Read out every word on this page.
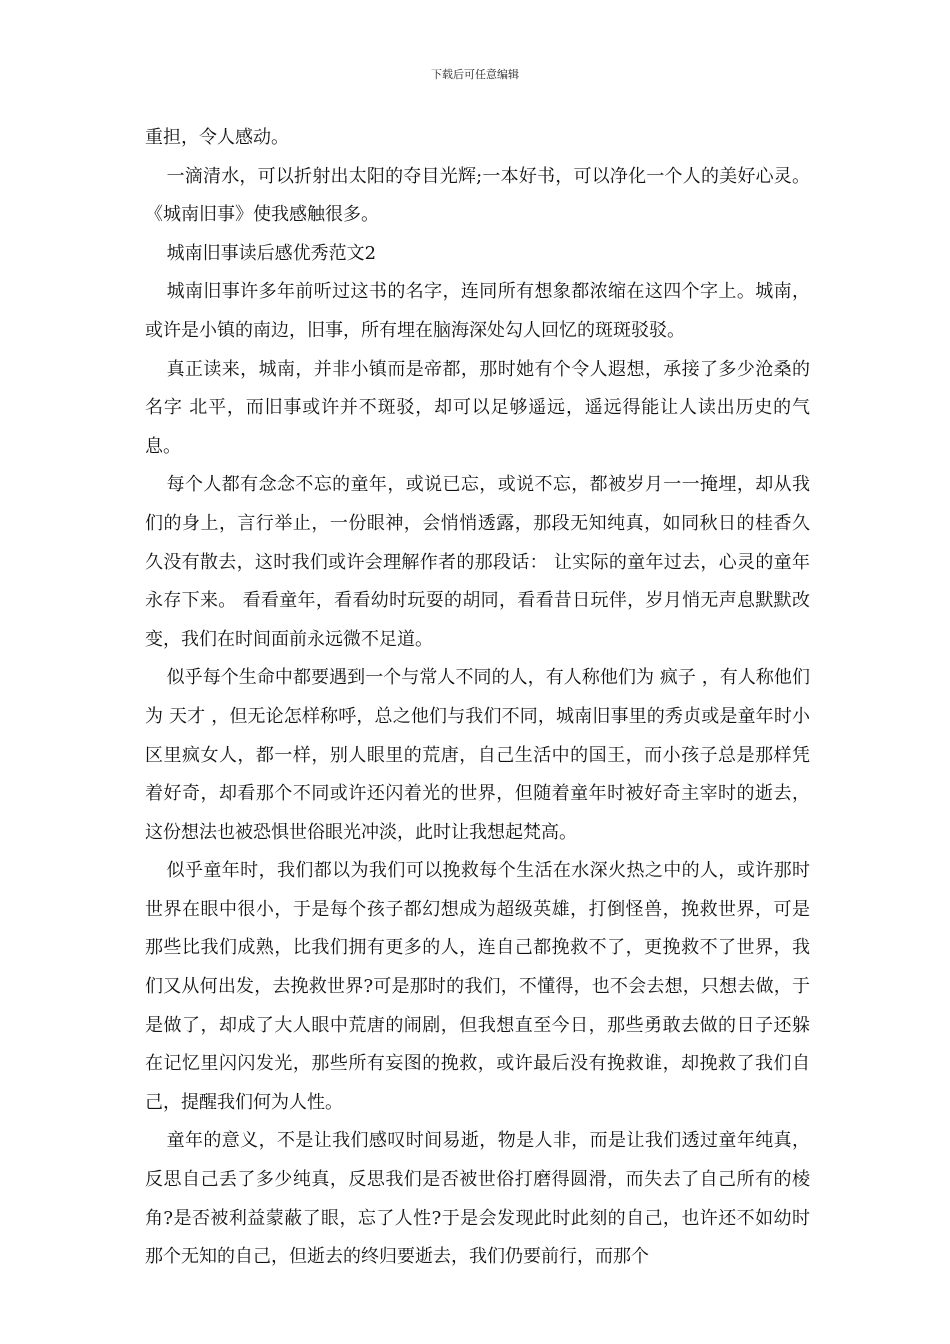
下载后可任意编辑

重担，令人感动。

一滴清水，可以折射出太阳的夺目光辉;一本好书，可以净化一个人的美好心灵。《城南旧事》使我感触很多。

城南旧事读后感优秀范文2

城南旧事许多年前听过这书的名字，连同所有想象都浓缩在这四个字上。城南，或许是小镇的南边，旧事，所有埋在脑海深处勾人回忆的斑斑驳驳。

真正读来，城南，并非小镇而是帝都，那时她有个令人遐想，承接了多少沧桑的名字 北平，而旧事或许并不斑驳，却可以足够遥远，遥远得能让人读出历史的气息。

每个人都有念念不忘的童年，或说已忘，或说不忘，都被岁月一一掩埋，却从我们的身上，言行举止，一份眼神，会悄悄透露，那段无知纯真，如同秋日的桂香久久没有散去，这时我们或许会理解作者的那段话： 让实际的童年过去，心灵的童年永存下来。 看看童年，看看幼时玩耍的胡同，看看昔日玩伴，岁月悄无声息默默改变，我们在时间面前永远微不足道。

似乎每个生命中都要遇到一个与常人不同的人，有人称他们为 疯子 ，有人称他们为 天才 ，但无论怎样称呼，总之他们与我们不同，城南旧事里的秀贞或是童年时小区里疯女人，都一样，别人眼里的荒唐，自己生活中的国王，而小孩子总是那样凭着好奇，却看那个不同或许还闪着光的世界，但随着童年时被好奇主宰时的逝去，这份想法也被恐惧世俗眼光冲淡，此时让我想起梵高。

似乎童年时，我们都以为我们可以挽救每个生活在水深火热之中的人，或许那时世界在眼中很小，于是每个孩子都幻想成为超级英雄，打倒怪兽，挽救世界，可是那些比我们成熟，比我们拥有更多的人，连自己都挽救不了，更挽救不了世界，我们又从何出发，去挽救世界?可是那时的我们，不懂得，也不会去想，只想去做，于是做了，却成了大人眼中荒唐的闹剧，但我想直至今日，那些勇敢去做的日子还躲在记忆里闪闪发光，那些所有妄图的挽救，或许最后没有挽救谁，却挽救了我们自己，提醒我们何为人性。

童年的意义，不是让我们感叹时间易逝，物是人非，而是让我们透过童年纯真，反思自己丢了多少纯真，反思我们是否被世俗打磨得圆滑，而失去了自己所有的棱角?是否被利益蒙蔽了眼，忘了人性?于是会发现此时此刻的自己，也许还不如幼时那个无知的自己，但逝去的终归要逝去，我们仍要前行，而那个
